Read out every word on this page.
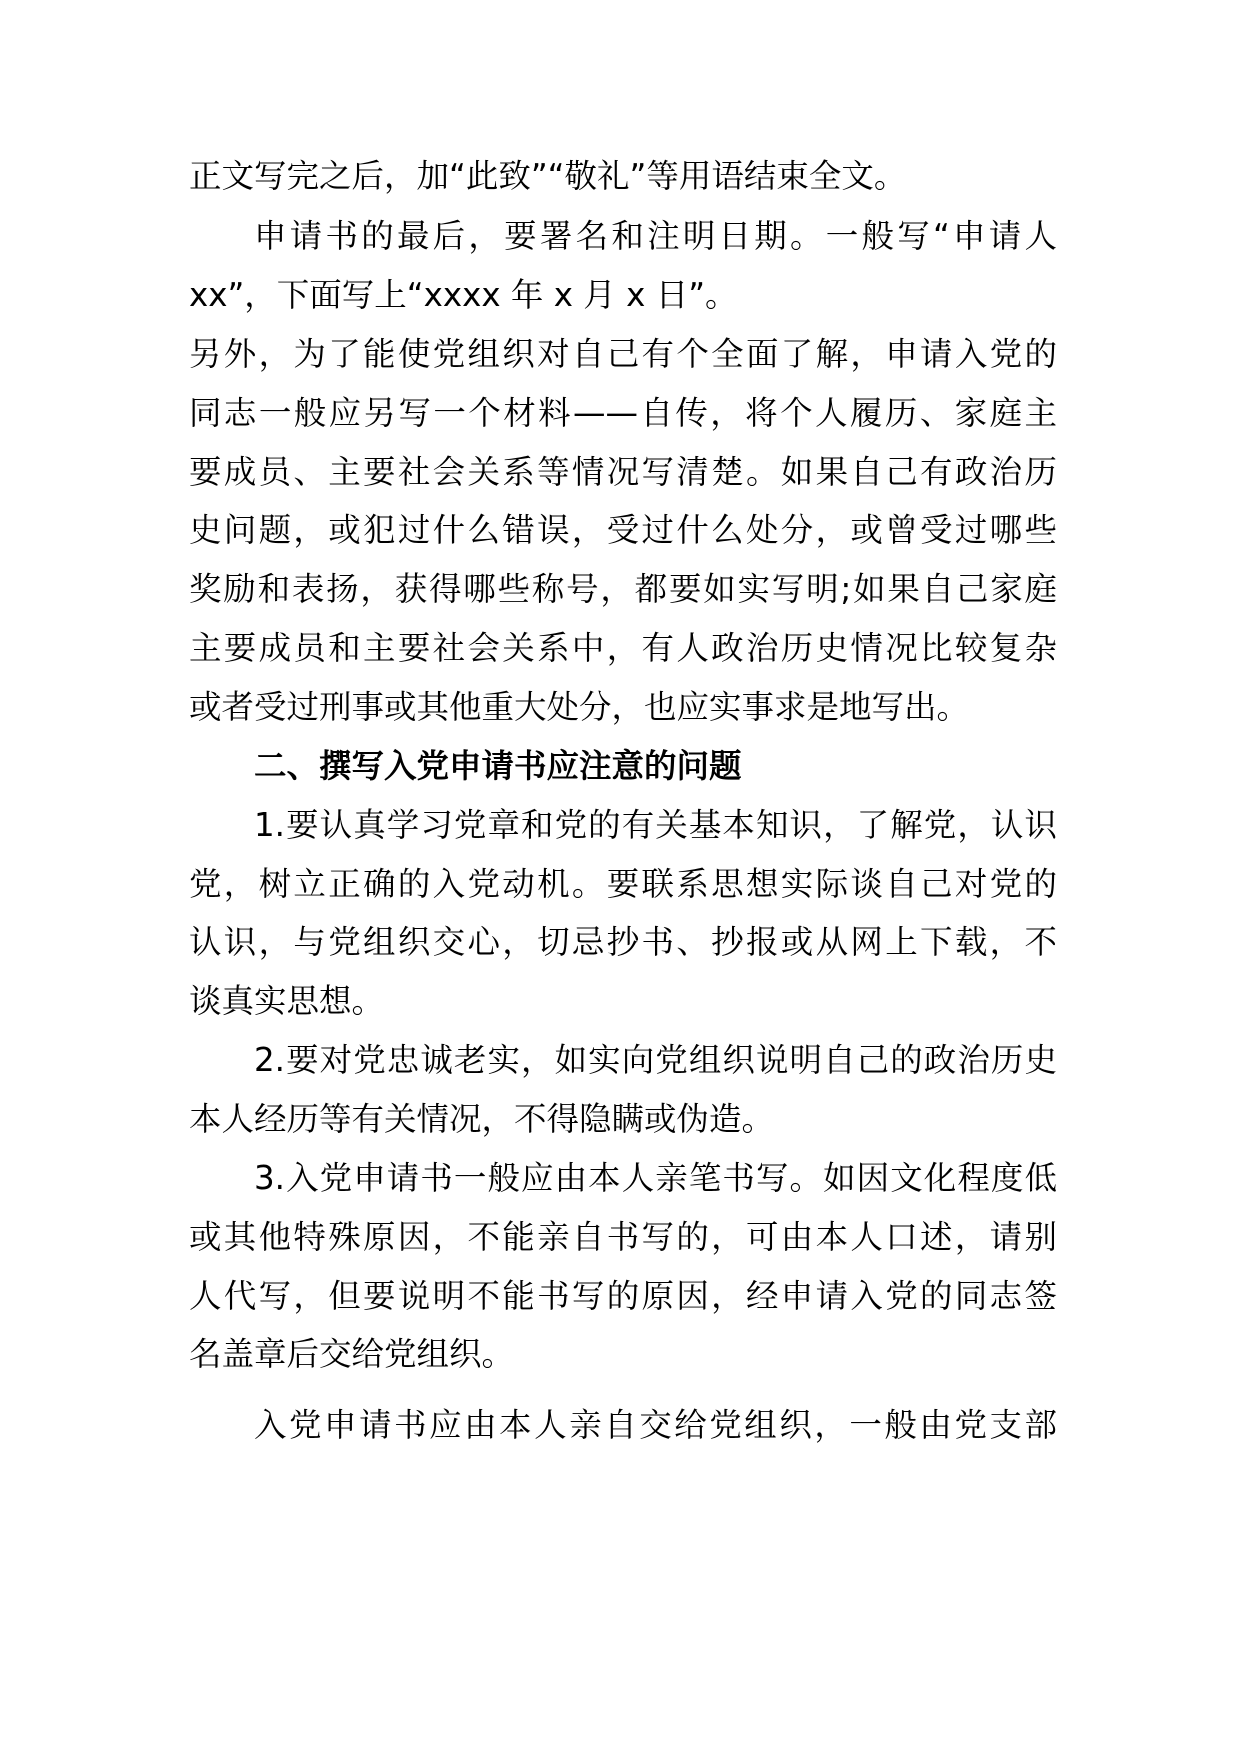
正文写完之后，加“此致”“敬礼”等用语结束全文。
申请书的最后，要署名和注明日期。一般写“申请人
xx”，下面写上“xxxx 年 x 月 x 日”。
另外，为了能使党组织对自己有个全面了解，申请入党的
同志一般应另写一个材料——自传，将个人履历、家庭主
要成员、主要社会关系等情况写清楚。如果自己有政治历
史问题，或犯过什么错误，受过什么处分，或曾受过哪些
奖励和表扬，获得哪些称号，都要如实写明;如果自己家庭
主要成员和主要社会关系中，有人政治历史情况比较复杂
或者受过刑事或其他重大处分，也应实事求是地写出。
二、撰写入党申请书应注意的问题
1.要认真学习党章和党的有关基本知识，了解党，认识
党，树立正确的入党动机。要联系思想实际谈自己对党的
认识，与党组织交心，切忌抄书、抄报或从网上下载，不
谈真实思想。
2.要对党忠诚老实，如实向党组织说明自己的政治历史
本人经历等有关情况，不得隐瞒或伪造。
3.入党申请书一般应由本人亲笔书写。如因文化程度低
或其他特殊原因，不能亲自书写的，可由本人口述，请别
人代写，但要说明不能书写的原因，经申请入党的同志签
名盖章后交给党组织。
入党申请书应由本人亲自交给党组织，一般由党支部
